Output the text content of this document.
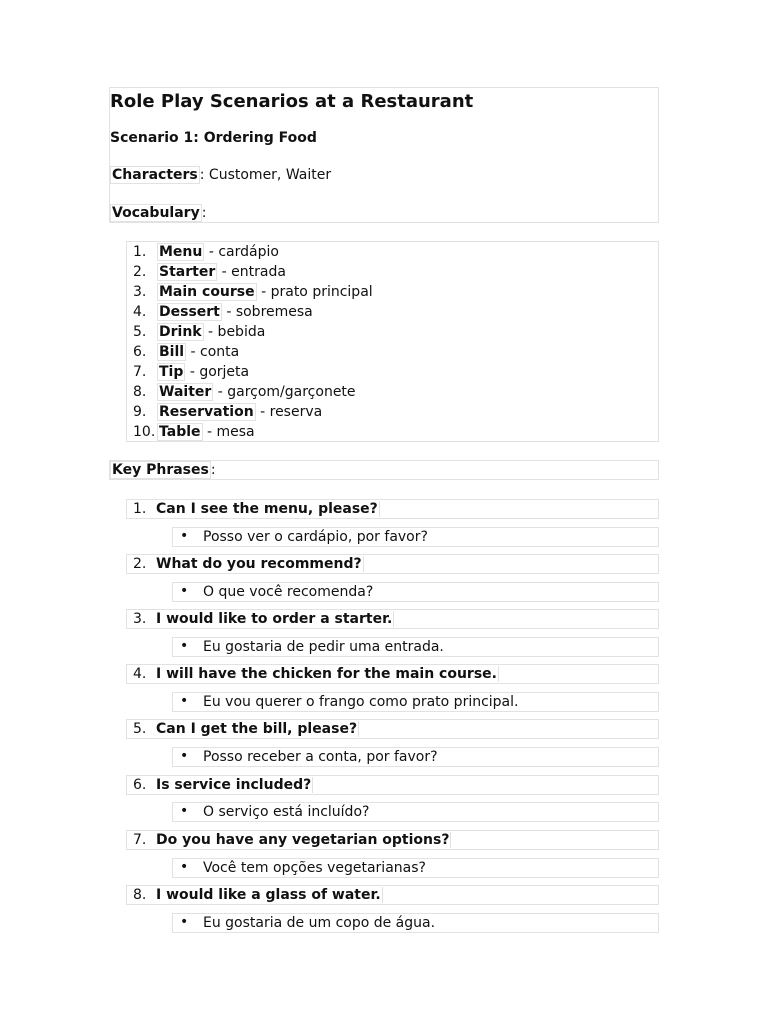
Role Play Scenarios at a Restaurant
Scenario 1: Ordering Food
Characters : Customer, Waiter
Vocabulary :
1. Menu - cardápio
2. Starter - entrada
3. Main course - prato principal
4. Dessert - sobremesa
5. Drink - bebida
6. Bill - conta
7. Tip - gorjeta
8. Waiter - garçom/garçonete
9. Reservation - reserva
10. Table - mesa
Key Phrases :
1. Can I see the menu, please?
• Posso ver o cardápio, por favor?
2. What do you recommend?
• O que você recomenda?
3. I would like to order a starter.
• Eu gostaria de pedir uma entrada.
4. I will have the chicken for the main course.
• Eu vou querer o frango como prato principal.
5. Can I get the bill, please?
• Posso receber a conta, por favor?
6. Is service included?
• O serviço está incluído?
7. Do you have any vegetarian options?
• Você tem opções vegetarianas?
8. I would like a glass of water.
• Eu gostaria de um copo de água.
